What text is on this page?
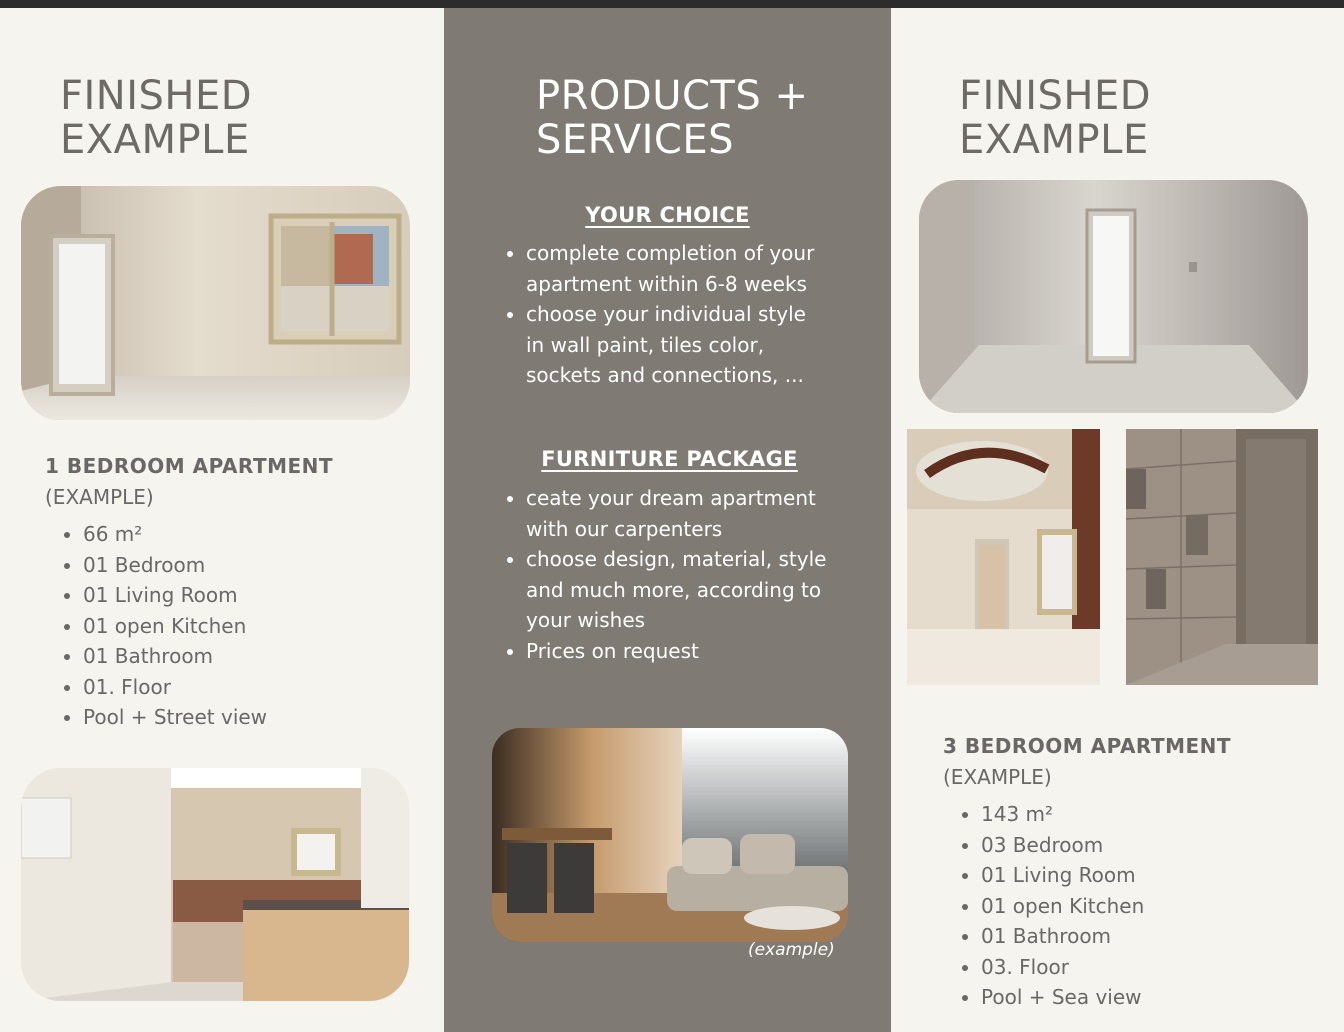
FINISHED
EXAMPLE
1 BEDROOM APARTMENT

(EXAMPLE)

• 66 m²
• 01 Bedroom
• 01 Living Room
• 01 open Kitchen
• 01 Bathroom
• 01. Floor
• Pool + Street view
PRODUCTS +
SERVICES
YOUR CHOICE
• complete completion of your apartment within 6-8 weeks
• choose your individual style in wall paint, tiles color, sockets and connections, ...
FURNITURE PACKAGE
• ceate your dream apartment with our carpenters
• choose design, material, style and much more, according to your wishes
• Prices on request
(example)
FINISHED
EXAMPLE
3 BEDROOM APARTMENT

(EXAMPLE)

• 143 m²
• 03 Bedroom
• 01 Living Room
• 01 open Kitchen
• 01 Bathroom
• 03. Floor
• Pool + Sea view
